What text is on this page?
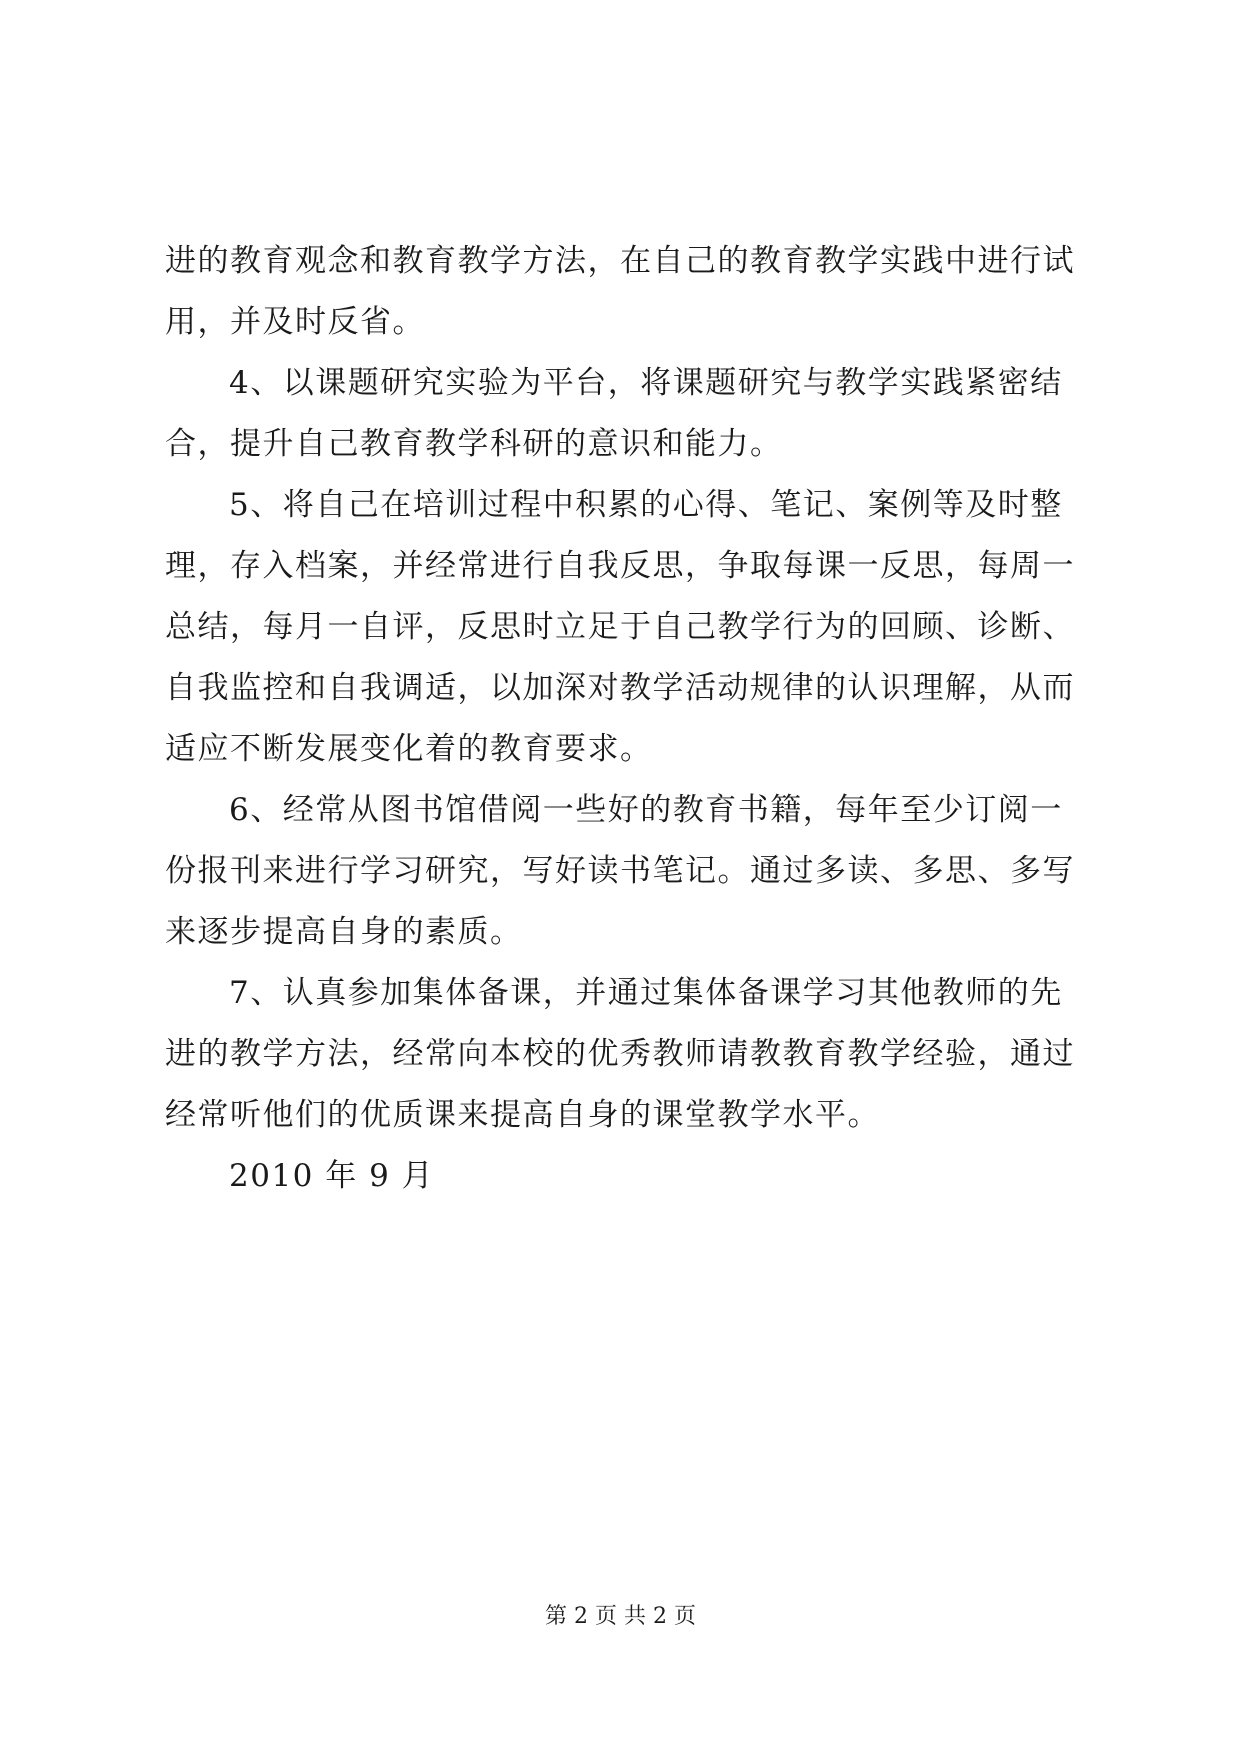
进的教育观念和教育教学方法，在自己的教育教学实践中进行试
用，并及时反省。
4、以课题研究实验为平台，将课题研究与教学实践紧密结
合，提升自己教育教学科研的意识和能力。
5、将自己在培训过程中积累的心得、笔记、案例等及时整
理，存入档案，并经常进行自我反思，争取每课一反思，每周一
总结，每月一自评，反思时立足于自己教学行为的回顾、诊断、
自我监控和自我调适，以加深对教学活动规律的认识理解，从而
适应不断发展变化着的教育要求。
6、经常从图书馆借阅一些好的教育书籍，每年至少订阅一
份报刊来进行学习研究，写好读书笔记。通过多读、多思、多写
来逐步提高自身的素质。
7、认真参加集体备课，并通过集体备课学习其他教师的先
进的教学方法，经常向本校的优秀教师请教教育教学经验，通过
经常听他们的优质课来提高自身的课堂教学水平。
2010 年 9 月
第 2 页 共 2 页
